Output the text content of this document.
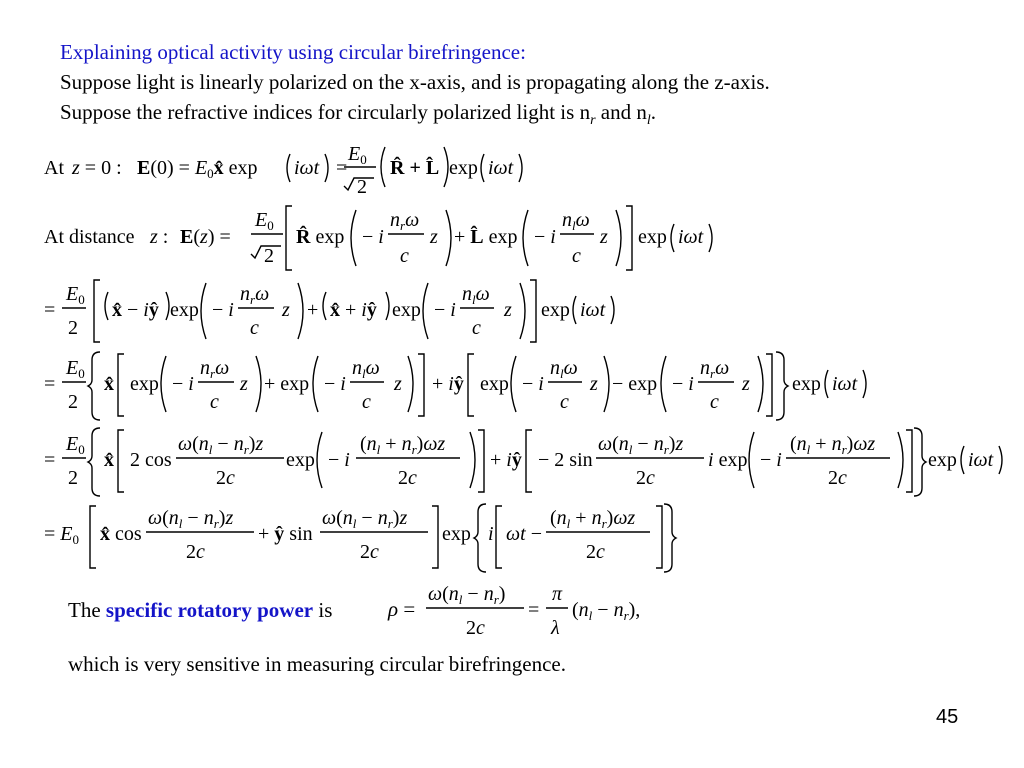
Explaining optical activity using circular birefringence:
Suppose light is linearly polarized on the x-axis, and is propagating along the z-axis.
Suppose the refractive indices for circularly polarized light is $n_r$ and $n_l$.
At z = 0 : $E(0) = E_0x̂$ exp iωt =
$E_0$
2
R̂ + L̂ exp iωt
At distance z : E(z) =
$E_0$
2
R̂ exp − i
$n_r\omega$
c
z + L̂ exp − i
$n_l\omega$
c
z exp iωt
=
$E_0$
2
x̂ − iŷ exp − i
$n_r\omega$
c
z + x̂ + iŷ exp − i
$n_l\omega$
c
z exp iωt
=
$E_0$
2
x̂ exp − i
$n_r\omega$
c
z + exp − i
$n_l\omega$
c
z + iŷ exp − i
$n_l\omega$
c
z − exp − i
$n_r\omega$
c
z exp iωt
=
$E_0$
2
x̂ 2 cos
$\omega(n_l - n_r)z$
2c
exp − i
$(n_l + n_r)\omega z$
2c
+ iŷ − 2 sin
$\omega(n_l - n_r)z$
2c
i exp − i
$(n_l + n_r)\omega z$
2c
exp iωt
= $E_0$ x̂ cos
$\omega(n_l - n_r)z$
2c
+ ŷ sin
$\omega(n_l - n_r)z$
2c
exp i ωt −
$(n_l + n_r)\omega z$
2c
ρ =
$\omega(n_l - n_r)$
2c
=
π
λ
$(n_l - n_r)$,
The specific rotatory power is
which is very sensitive in measuring circular birefringence.
45
